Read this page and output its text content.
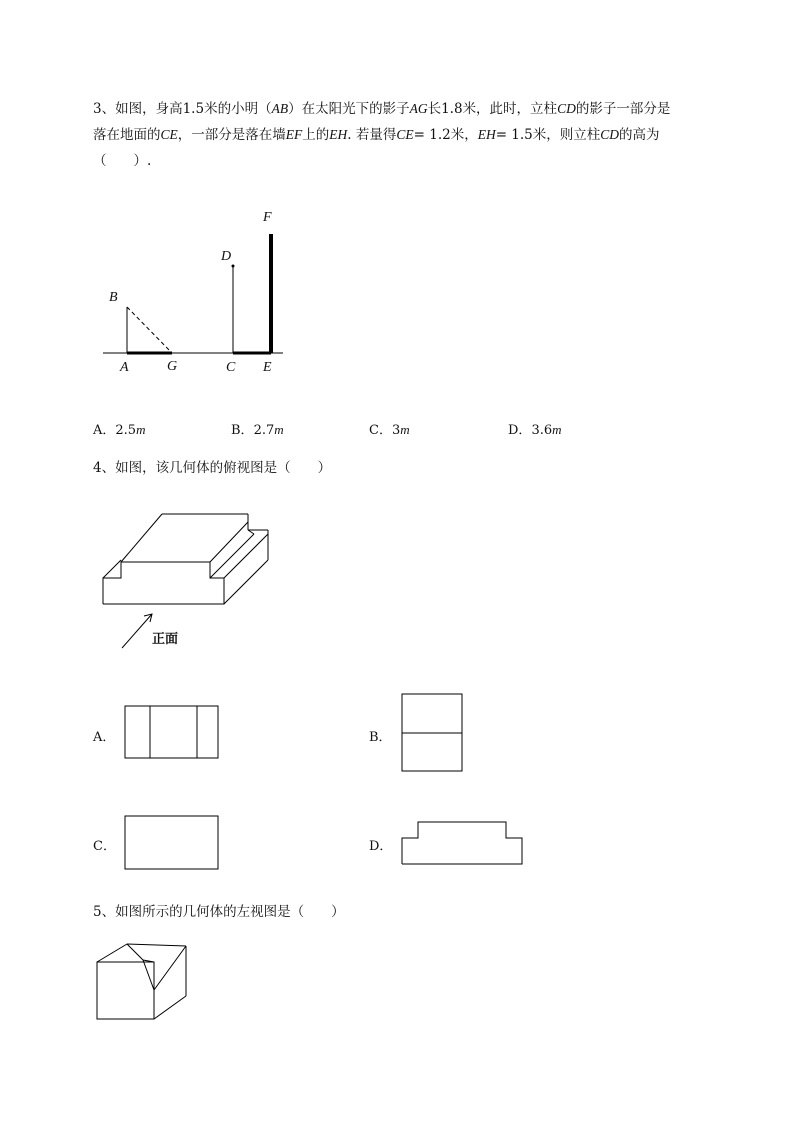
3、如图，身高1.5米的小明（AB）在太阳光下的影子AG长1.8米，此时，立柱CD的影子一部分是
落在地面的CE，一部分是落在墙EF上的EH. 若量得CE= 1.2米，EH= 1.5米，则立柱CD的高为
（　　）.
B
A	G
D
C E
F
A．2.5m	B．2.7m	C．3m	D．3.6m
4、如图，该几何体的俯视图是（　　）
正面
A．	B．
C．	D．
5、如图所示的几何体的左视图是（　　）
